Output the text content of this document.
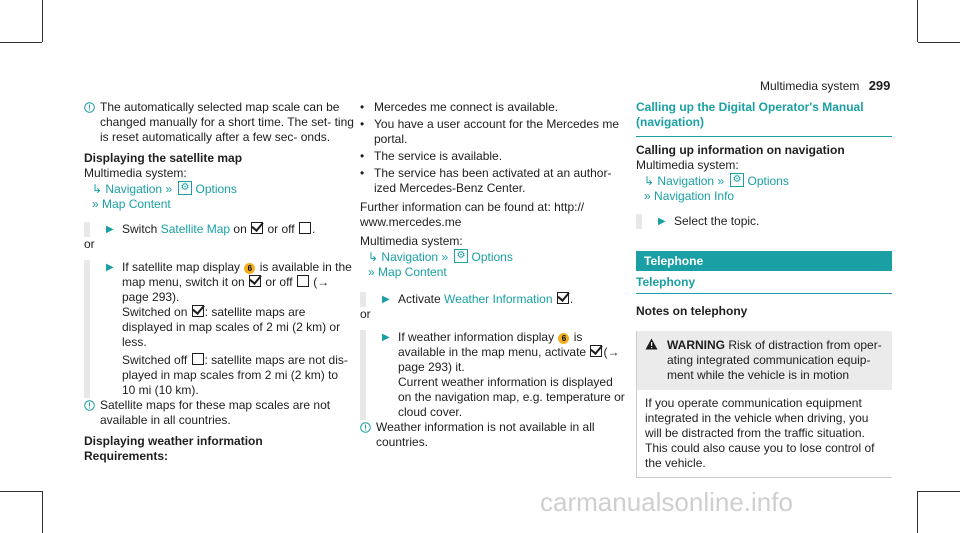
Multimedia system 299

The automatically selected map scale can be changed manually for a short time. The set- ting is reset automatically after a few sec- onds.

Displaying the satellite map

Multimedia system:

↳ Navigation » ⚙ Options

» Map Content

▶ Switch Satellite Map on or off .

or

▶ If satellite map display 6 is available in the map menu, switch it on or off (→ page 293).

Switched on : satellite maps are displayed in map scales of 2 mi (2 km) or less.

Switched off : satellite maps are not dis- played in map scales from 2 mi (2 km) to 10 mi (10 km).

Satellite maps for these map scales are not available in all countries.

Displaying weather information

Requirements:

• Mercedes me connect is available.

• You have a user account for the Mercedes me portal.

• The service is available.

• The service has been activated at an author- ized Mercedes-Benz Center.

Further information can be found at: http:// www.mercedes.me

Multimedia system:

↳ Navigation » ⚙ Options

» Map Content

▶ Activate Weather Information .

or

▶ If weather information display 6 is available in the map menu, activate (→ page 293) it.

Current weather information is displayed on the navigation map, e.g. temperature or cloud cover.

Weather information is not available in all countries.

Calling up the Digital Operator's Manual (navigation)

Calling up information on navigation

Multimedia system:

↳ Navigation » ⚙ Options

» Navigation Info

▶ Select the topic.

Telephone

Telephony

Notes on telephony

WARNING Risk of distraction from oper- ating integrated communication equip- ment while the vehicle is in motion

If you operate communication equipment integrated in the vehicle when driving, you will be distracted from the traffic situation. This could also cause you to lose control of the vehicle.

carmanualsonline.info
